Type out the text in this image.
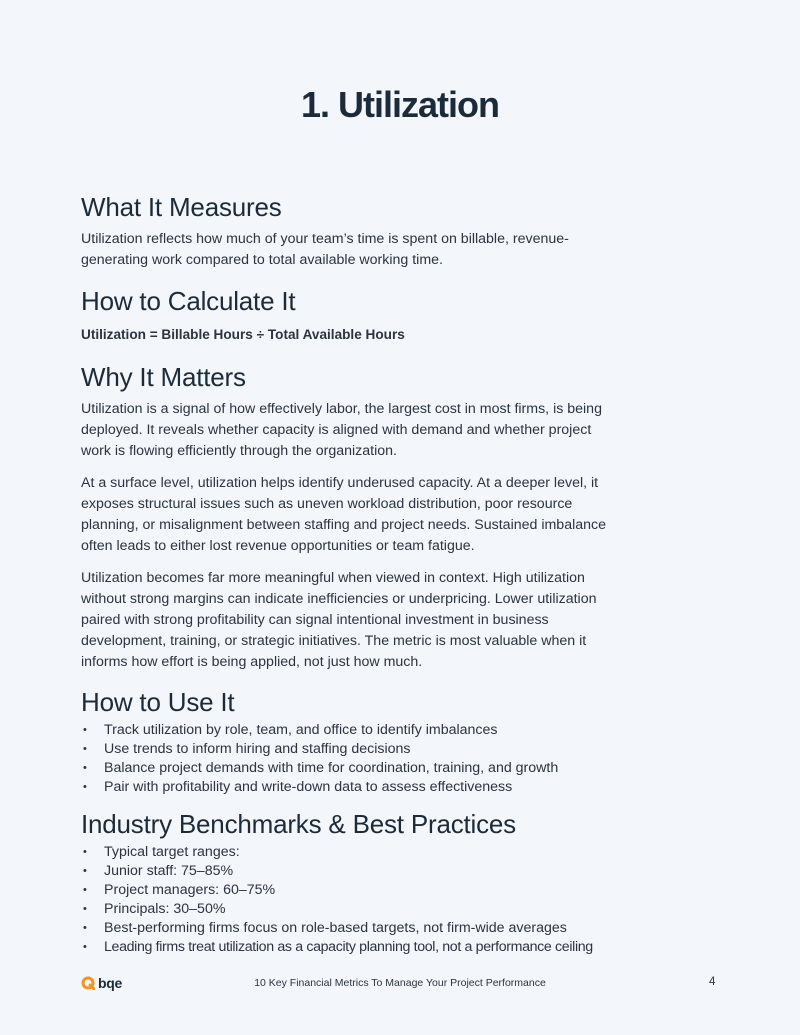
1. Utilization
What It Measures

Utilization reflects how much of your team’s time is spent on billable, revenue-generating work compared to total available working time.

How to Calculate It

Utilization = Billable Hours ÷ Total Available Hours

Why It Matters

Utilization is a signal of how effectively labor, the largest cost in most firms, is being deployed. It reveals whether capacity is aligned with demand and whether project work is flowing efficiently through the organization.

At a surface level, utilization helps identify underused capacity. At a deeper level, it exposes structural issues such as uneven workload distribution, poor resource planning, or misalignment between staffing and project needs. Sustained imbalance often leads to either lost revenue opportunities or team fatigue.

Utilization becomes far more meaningful when viewed in context. High utilization without strong margins can indicate inefficiencies or underpricing. Lower utilization paired with strong profitability can signal intentional investment in business development, training, or strategic initiatives. The metric is most valuable when it informs how effort is being applied, not just how much.

How to Use It
• Track utilization by role, team, and office to identify imbalances
• Use trends to inform hiring and staffing decisions
• Balance project demands with time for coordination, training, and growth
• Pair with profitability and write-down data to assess effectiveness
Industry Benchmarks & Best Practices
• Typical target ranges:
• Junior staff: 75–85%
• Project managers: 60–75%
• Principals: 30–50%
• Best-performing firms focus on role-based targets, not firm-wide averages
• Leading firms treat utilization as a capacity planning tool, not a performance ceiling
bqe	10 Key Financial Metrics To Manage Your Project Performance	4
